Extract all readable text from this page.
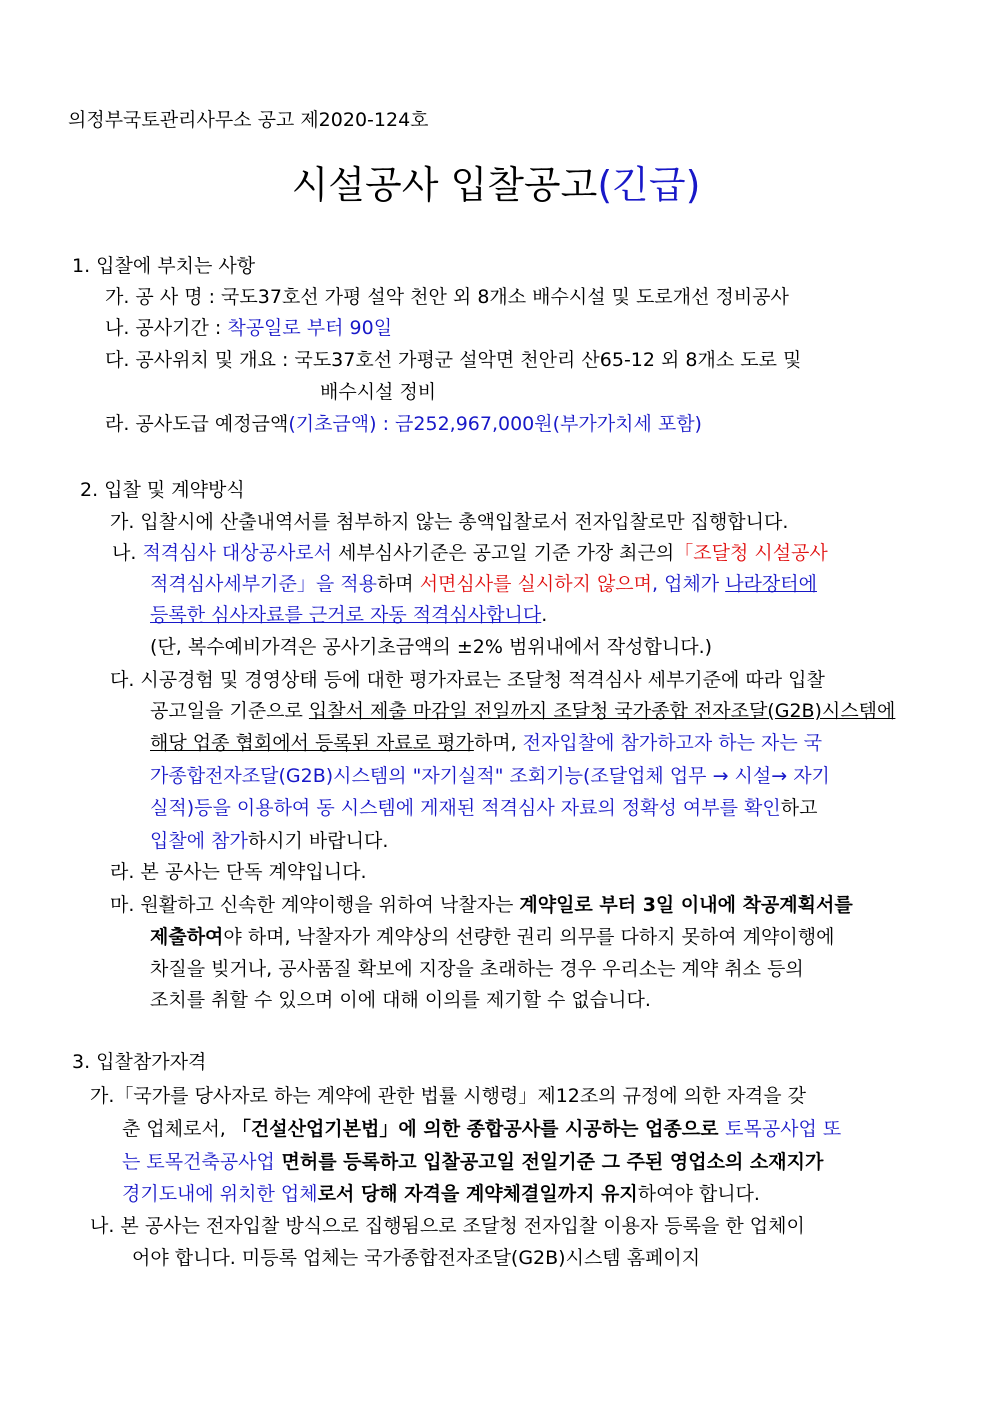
의정부국토관리사무소 공고 제2020-124호
시설공사 입찰공고(긴급)
1. 입찰에 부치는 사항
가. 공 사 명 : 국도37호선 가평 설악 천안 외 8개소 배수시설 및 도로개선 정비공사
나. 공사기간 : 착공일로 부터 90일
다. 공사위치 및 개요 : 국도37호선 가평군 설악면 천안리 산65-12 외 8개소 도로 및
배수시설 정비
라. 공사도급 예정금액(기초금액) : 금252,967,000원(부가가치세 포함)
2. 입찰 및 계약방식
가. 입찰시에 산출내역서를 첨부하지 않는 총액입찰로서 전자입찰로만 집행합니다.
나. 적격심사 대상공사로서 세부심사기준은 공고일 기준 가장 최근의「조달청 시설공사
적격심사세부기준」을 적용하며 서면심사를 실시하지 않으며, 업체가 나라장터에
등록한 심사자료를 근거로 자동 적격심사합니다.
(단, 복수예비가격은 공사기초금액의 ±2% 범위내에서 작성합니다.)
다. 시공경험 및 경영상태 등에 대한 평가자료는 조달청 적격심사 세부기준에 따라 입찰
공고일을 기준으로 입찰서 제출 마감일 전일까지 조달청 국가종합 전자조달(G2B)시스템에
해당 업종 협회에서 등록된 자료로 평가하며, 전자입찰에 참가하고자 하는 자는 국
가종합전자조달(G2B)시스템의 "자기실적" 조회기능(조달업체 업무 → 시설→ 자기
실적)등을 이용하여 동 시스템에 게재된 적격심사 자료의 정확성 여부를 확인하고
입찰에 참가하시기 바랍니다.
라. 본 공사는 단독 계약입니다.
마. 원활하고 신속한 계약이행을 위하여 낙찰자는 계약일로 부터 3일 이내에 착공계획서를
제출하여야 하며, 낙찰자가 계약상의 선량한 권리 의무를 다하지 못하여 계약이행에
차질을 빚거나, 공사품질 확보에 지장을 초래하는 경우 우리소는 계약 취소 등의
조치를 취할 수 있으며 이에 대해 이의를 제기할 수 없습니다.
3. 입찰참가자격
가.「국가를 당사자로 하는 계약에 관한 법률 시행령」제12조의 규정에 의한 자격을 갖
춘 업체로서, 「건설산업기본법」에 의한 종합공사를 시공하는 업종으로 토목공사업 또
는 토목건축공사업 면허를 등록하고 입찰공고일 전일기준 그 주된 영업소의 소재지가
경기도내에 위치한 업체로서 당해 자격을 계약체결일까지 유지하여야 합니다.
나. 본 공사는 전자입찰 방식으로 집행됨으로 조달청 전자입찰 이용자 등록을 한 업체이
어야 합니다. 미등록 업체는 국가종합전자조달(G2B)시스템 홈페이지
